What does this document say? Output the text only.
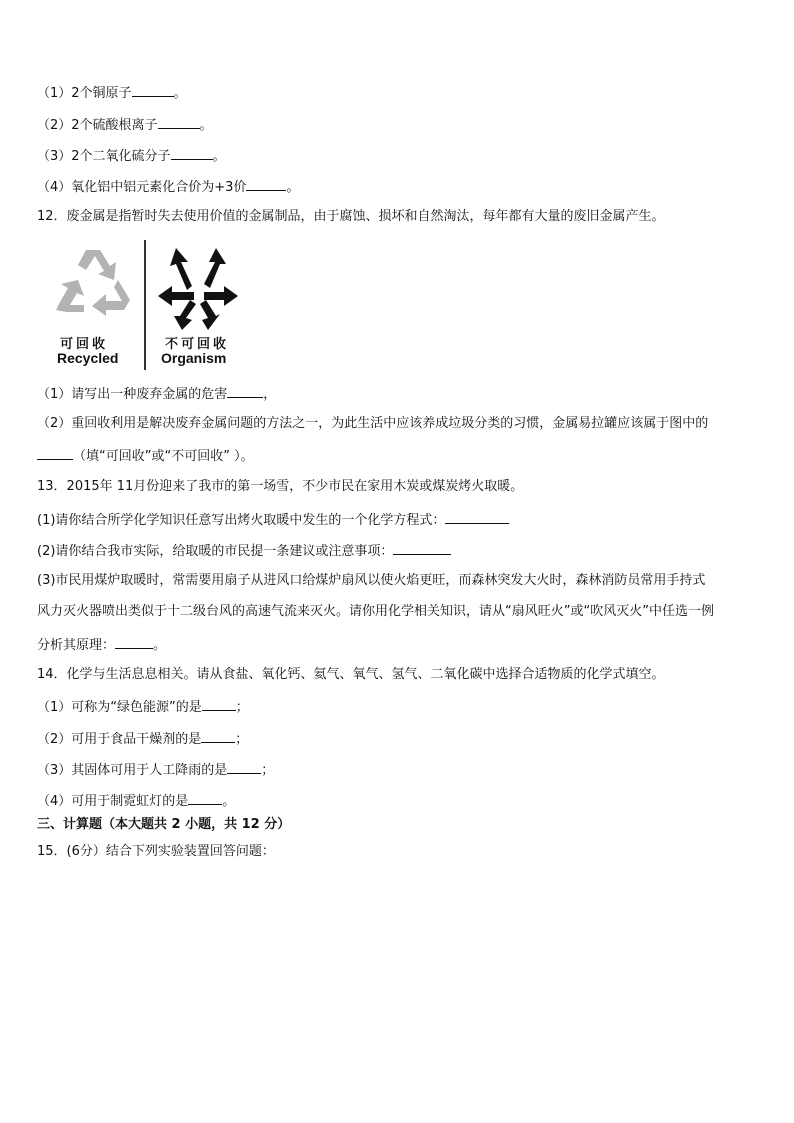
（1）2个铜原子	。
（2）2个硫酸根离子	。
（3）2个二氧化硫分子	。
（4）氧化铝中铝元素化合价为+3价	。
12．废金属是指暂时失去使用价值的金属制品，由于腐蚀、损坏和自然淘汰，每年都有大量的废旧金属产生。
可回收
Recycled
不可回收
Organism
（1）请写出一种废弃金属的危害	，
（2）重回收利用是解决废弃金属问题的方法之一，为此生活中应该养成垃圾分类的习惯，金属易拉罐应该属于图中的
（填“可回收”或“不可回收” ）。
13．2015年 11月份迎来了我市的第一场雪，不少市民在家用木炭或煤炭烤火取暖。
(1)请你结合所学化学知识任意写出烤火取暖中发生的一个化学方程式：
(2)请你结合我市实际，给取暖的市民提一条建议或注意事项：
(3)市民用煤炉取暖时，常需要用扇子从进风口给煤炉扇风以使火焰更旺，而森林突发大火时，森林消防员常用手持式
风力灭火器喷出类似于十二级台风的高速气流来灭火。请你用化学相关知识，请从“扇风旺火”或“吹风灭火”中任选一例
分析其原理：	。
14．化学与生活息息相关。请从食盐、氧化钙、氦气、氧气、氢气、二氧化碳中选择合适物质的化学式填空。
（1）可称为“绿色能源”的是	；
（2）可用于食品干燥剂的是	；
（3）其固体可用于人工降雨的是	；
（4）可用于制霓虹灯的是	。
三、计算题（本大题共 2 小题，共 12 分）
15．(6分）结合下列实验装置回答问题：
